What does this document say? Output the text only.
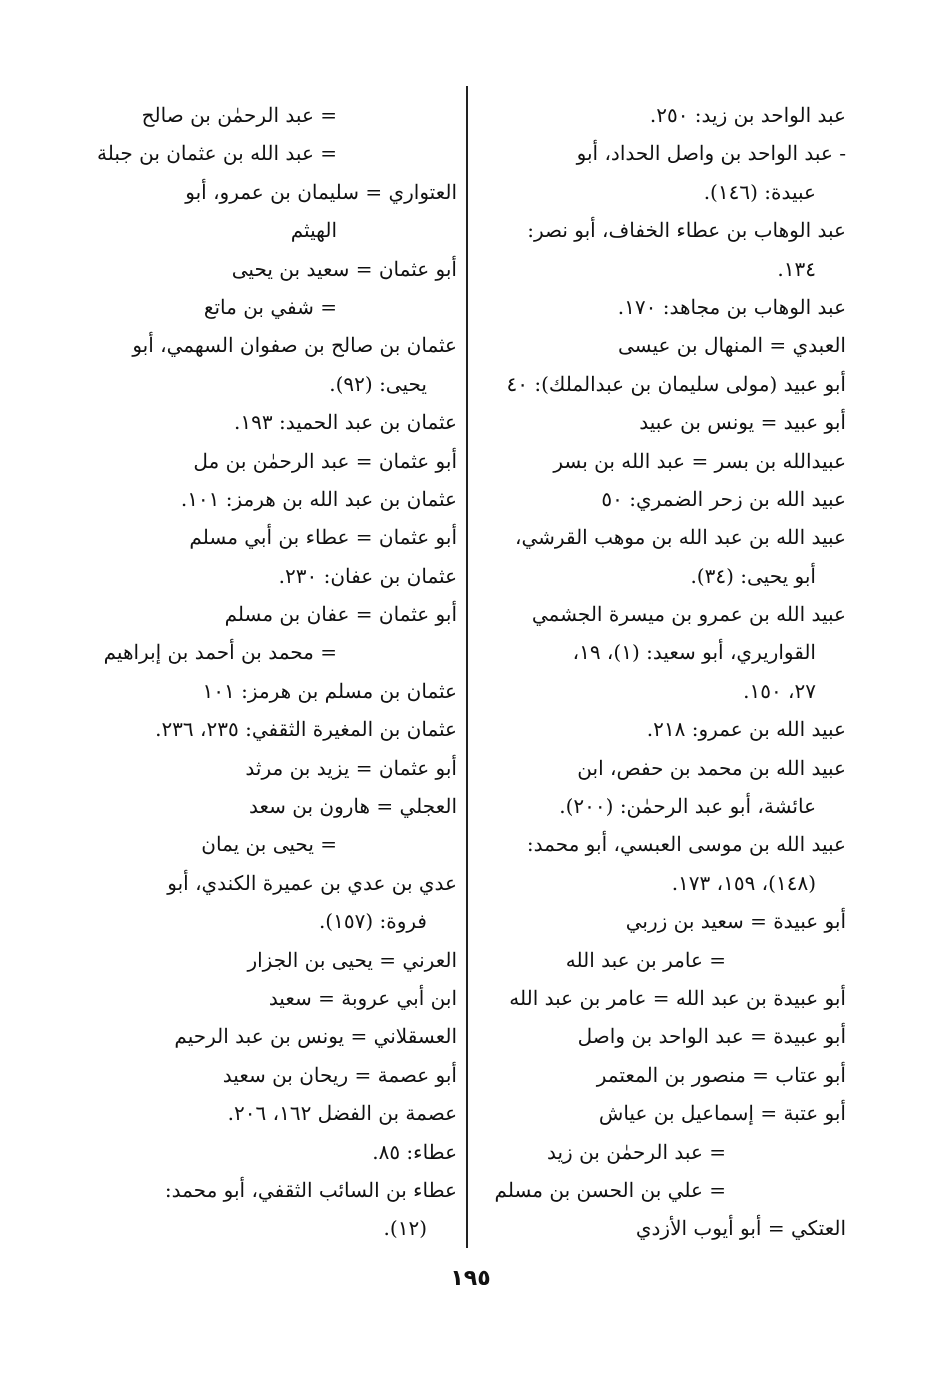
عبد الواحد بن زيد: ٢٥٠.
- عبد الواحد بن واصل الحداد، أبو
عبيدة: (١٤٦).
عبد الوهاب بن عطاء الخفاف، أبو نصر:
١٣٤.
عبد الوهاب بن مجاهد: ١٧٠.
العبدي = المنهال بن عيسى
أبو عبيد (مولى سليمان بن عبدالملك): ٤٠
أبو عبيد = يونس بن عبيد
عبيدالله بن بسر = عبد الله بن بسر
عبيد الله بن زحر الضمري: ٥٠
عبيد الله بن عبد الله بن موهب القرشي،
أبو يحيى: (٣٤).
عبيد الله بن عمرو بن ميسرة الجشمي
القواريري، أبو سعيد: (١)، ١٩،
٢٧، ١٥٠.
عبيد الله بن عمرو: ٢١٨.
عبيد الله بن محمد بن حفص، ابن
عائشة، أبو عبد الرحمٰن: (٢٠٠).
عبيد الله بن موسى العبسي، أبو محمد:
(١٤٨)، ١٥٩، ١٧٣.
أبو عبيدة = سعيد بن زربي
= عامر بن عبد الله
أبو عبيدة بن عبد الله = عامر بن عبد الله
أبو عبيدة = عبد الواحد بن واصل
أبو عتاب = منصور بن المعتمر
أبو عتبة = إسماعيل بن عياش
= عبد الرحمٰن بن زيد
= علي بن الحسن بن مسلم
العتكي = أبو أيوب الأزدي
= عبد الرحمٰن بن صالح
= عبد الله بن عثمان بن جبلة
العتواري = سليمان بن عمرو، أبو
الهيثم
أبو عثمان = سعيد بن يحيى
= شفي بن ماتع
عثمان بن صالح بن صفوان السهمي، أبو
يحيى: (٩٢).
عثمان بن عبد الحميد: ١٩٣.
أبو عثمان = عبد الرحمٰن بن مل
عثمان بن عبد الله بن هرمز: ١٠١.
أبو عثمان = عطاء بن أبي مسلم
عثمان بن عفان: ٢٣٠.
أبو عثمان = عفان بن مسلم
= محمد بن أحمد بن إبراهيم
عثمان بن مسلم بن هرمز: ١٠١
عثمان بن المغيرة الثقفي: ٢٣٥، ٢٣٦.
أبو عثمان = يزيد بن مرثد
العجلي = هارون بن سعد
= يحيى بن يمان
عدي بن عدي بن عميرة الكندي، أبو
فروة: (١٥٧).
العرني = يحيى بن الجزار
ابن أبي عروبة = سعيد
العسقلاني = يونس بن عبد الرحيم
أبو عصمة = ريحان بن سعيد
عصمة بن الفضل ١٦٢، ٢٠٦.
عطاء: ٨٥.
عطاء بن السائب الثقفي، أبو محمد:
(١٢).
١٩٥
